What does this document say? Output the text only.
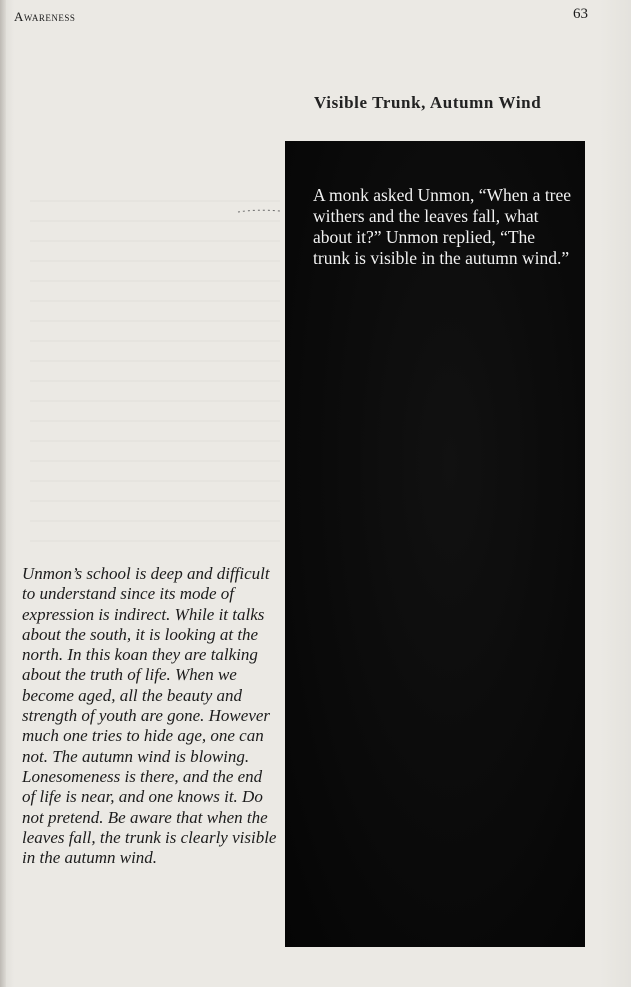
Awareness	63
Visible Trunk, Autumn Wind

A monk asked Unmon, “When a tree withers and the leaves fall, what about it?” Unmon replied, “The trunk is visible in the autumn wind.”

Unmon’s school is deep and difficult to understand since its mode of expression is indirect. While it talks about the south, it is looking at the north. In this koan they are talking about the truth of life. When we become aged, all the beauty and strength of youth are gone. However much one tries to hide age, one can not. The autumn wind is blowing. Lonesomeness is there, and the end of life is near, and one knows it. Do not pretend. Be aware that when the leaves fall, the trunk is clearly visible in the autumn wind.
